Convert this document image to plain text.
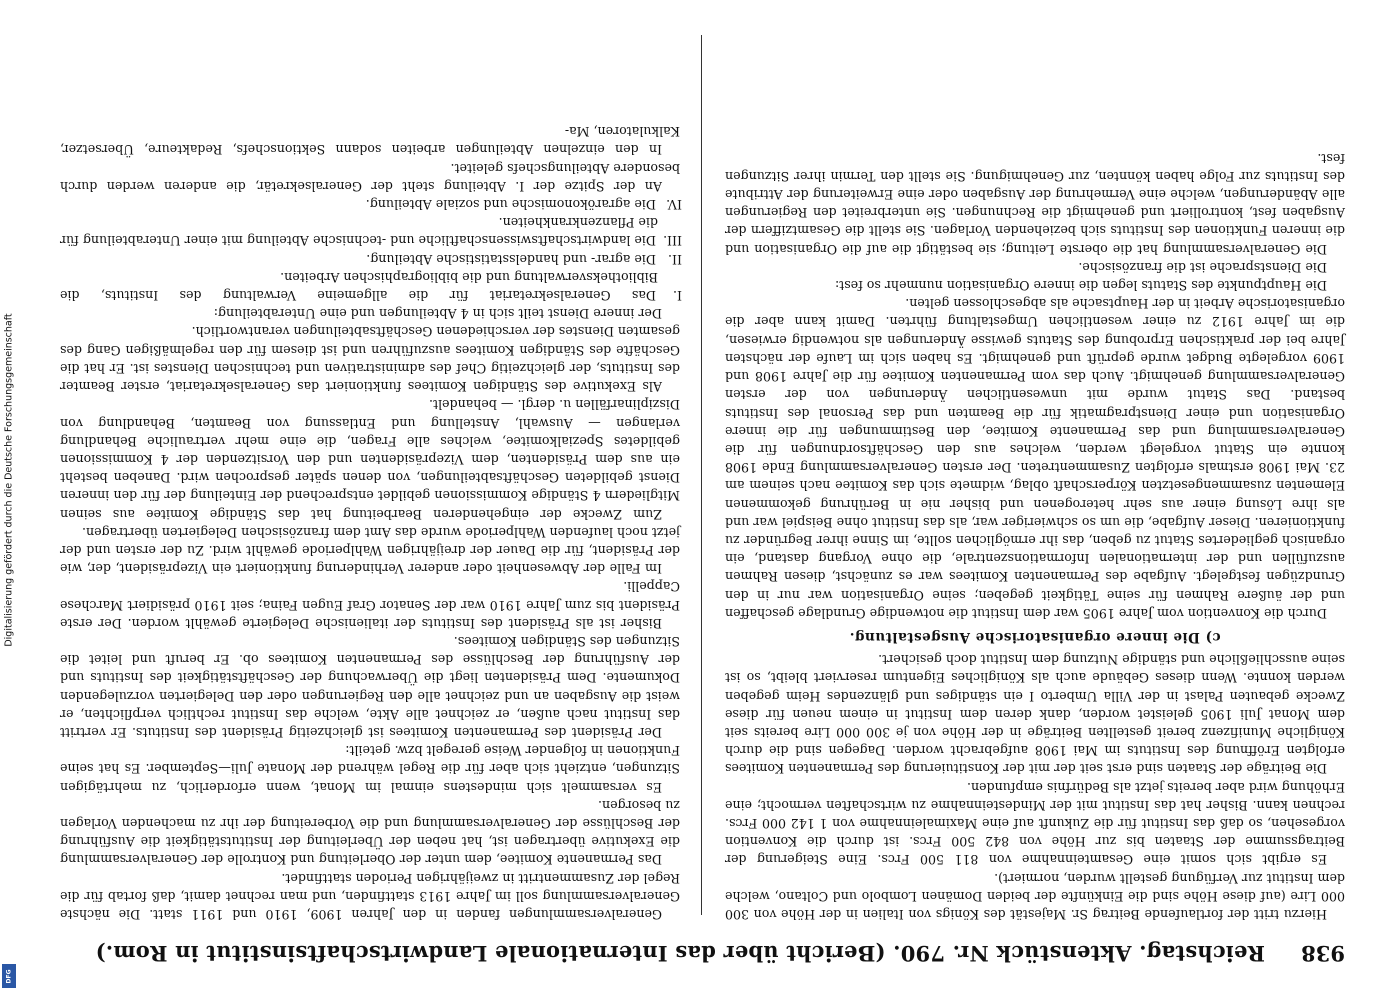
Digitalisierung gefördert durch die Deutsche Forschungsgemeinschaft
DFG
938
Reichstag. Aktenstück Nr. 790. (Bericht über das Internationale Landwirtschaftsinstitut in Rom.)

Hierzu tritt der fortlaufende Beitrag Sr. Majestät des Königs von Italien in der Höhe von 300 000 Lire (auf diese Höhe sind die Einkünfte der beiden Domänen Lombolo und Coltano, welche dem Institut zur Verfügung gestellt wurden, normiert).

Es ergibt sich somit eine Gesamteinnahme von 811 500 Frcs. Eine Steigerung der Beitragssumme der Staaten bis zur Höhe von 842 500 Frcs. ist durch die Konvention vorgesehen, so daß das Institut für die Zukunft auf eine Maximaleinnahme von 1 142 000 Frcs. rechnen kann. Bisher hat das Institut mit der Mindesteinnahme zu wirtschaften vermocht; eine Erhöhung wird aber bereits jetzt als Bedürfnis empfunden.

Die Beiträge der Staaten sind erst seit der mit der Konstituierung des Permanenten Komitees erfolgten Eröffnung des Instituts im Mai 1908 aufgebracht worden. Dagegen sind die durch Königliche Munifizenz bereit gestellten Beiträge in der Höhe von je 300 000 Lire bereits seit dem Monat Juli 1905 geleistet worden, dank deren dem Institut in einem neuen für diese Zwecke gebauten Palast in der Villa Umberto I ein ständiges und glänzendes Heim gegeben werden konnte. Wenn dieses Gebäude auch als Königliches Eigentum reserviert bleibt, so ist seine ausschließliche und ständige Nutzung dem Institut doch gesichert.

c) Die innere organisatorische Ausgestaltung.

Durch die Konvention vom Jahre 1905 war dem Institut die notwendige Grundlage geschaffen und der äußere Rahmen für seine Tätigkeit gegeben; seine Organisation war nur in den Grundzügen festgelegt. Aufgabe des Permanenten Komitees war es zunächst, diesen Rahmen auszufüllen und der internationalen Informationszentrale, die ohne Vorgang dastand, ein organisch gegliedertes Statut zu geben, das ihr ermöglichen sollte, im Sinne ihrer Begründer zu funktionieren. Dieser Aufgabe, die um so schwieriger war, als das Institut ohne Beispiel war und als ihre Lösung einer aus sehr heterogenen und bisher nie in Berührung gekommenen Elementen zusammengesetzten Körperschaft oblag, widmete sich das Komitee nach seinem am 23. Mai 1908 erstmals erfolgten Zusammentreten. Der ersten Generalversammlung Ende 1908 konnte ein Statut vorgelegt werden, welches aus den Geschäftsordnungen für die Generalversammlung und das Permanente Komitee, den Bestimmungen für die innere Organisation und einer Dienstpragmatik für die Beamten und das Personal des Instituts bestand. Das Statut wurde mit unwesentlichen Änderungen von der ersten Generalversammlung genehmigt. Auch das vom Permanenten Komitee für die Jahre 1908 und 1909 vorgelegte Budget wurde geprüft und genehmigt. Es haben sich im Laufe der nächsten Jahre bei der praktischen Erprobung des Statuts gewisse Änderungen als notwendig erwiesen, die im Jahre 1912 zu einer wesentlichen Umgestaltung führten. Damit kann aber die organisatorische Arbeit in der Hauptsache als abgeschlossen gelten.

Die Hauptpunkte des Statuts legen die innere Organisation nunmehr so fest:

Die Dienstsprache ist die französische.

Die Generalversammlung hat die oberste Leitung; sie bestätigt die auf die Organisation und die inneren Funktionen des Instituts sich beziehenden Vorlagen. Sie stellt die Gesamtziffern der Ausgaben fest, kontrolliert und genehmigt die Rechnungen. Sie unterbreitet den Regierungen alle Abänderungen, welche eine Vermehrung der Ausgaben oder eine Erweiterung der Attribute des Instituts zur Folge haben könnten, zur Genehmigung. Sie stellt den Termin ihrer Sitzungen fest.

Generalversammlungen fanden in den Jahren 1909, 1910 und 1911 statt. Die nächste Generalversammlung soll im Jahre 1913 stattfinden, und man rechnet damit, daß fortab für die Regel der Zusammentritt in zweijährigen Perioden stattfindet.

Das Permanente Komitee, dem unter der Oberleitung und Kontrolle der Generalversammlung die Exekutive übertragen ist, hat neben der Überleitung der Institutstätigkeit die Ausführung der Beschlüsse der Generalversammlung und die Vorbereitung der ihr zu machenden Vorlagen zu besorgen.

Es versammelt sich mindestens einmal im Monat, wenn erforderlich, zu mehrtägigen Sitzungen, entzieht sich aber für die Regel während der Monate Juli—September. Es hat seine Funktionen in folgender Weise geregelt bzw. geteilt:

Der Präsident des Permanenten Komitees ist gleichzeitig Präsident des Instituts. Er vertritt das Institut nach außen, er zeichnet alle Akte, welche das Institut rechtlich verpflichten, er weist die Ausgaben an und zeichnet alle den Regierungen oder den Delegierten vorzulegenden Dokumente. Dem Präsidenten liegt die Überwachung der Geschäftstätigkeit des Instituts und der Ausführung der Beschlüsse des Permanenten Komitees ob. Er beruft und leitet die Sitzungen des Ständigen Komitees.

Bisher ist als Präsident des Instituts der italienische Delegierte gewählt worden. Der erste Präsident bis zum Jahre 1910 war der Senator Graf Eugen Faina; seit 1910 präsidiert Marchese Cappelli.

Im Falle der Abwesenheit oder anderer Verhinderung funktioniert ein Vizepräsident, der, wie der Präsident, für die Dauer der dreijährigen Wahlperiode gewählt wird. Zu der ersten und der jetzt noch laufenden Wahlperiode wurde das Amt dem französischen Delegierten übertragen.

Zum Zwecke der eingehenderen Bearbeitung hat das Ständige Komitee aus seinen Mitgliedern 4 Ständige Kommissionen gebildet entsprechend der Einteilung der für den inneren Dienst gebildeten Geschäftsabteilungen, von denen später gesprochen wird. Daneben besteht ein aus dem Präsidenten, dem Vizepräsidenten und den Vorsitzenden der 4 Kommissionen gebildetes Spezialkomitee, welches alle Fragen, die eine mehr vertrauliche Behandlung verlangen — Auswahl, Anstellung und Entlassung von Beamten, Behandlung von Disziplinarfällen u. dergl. — behandelt.

Als Exekutive des Ständigen Komitees funktioniert das Generalsekretariat, erster Beamter des Instituts, der gleichzeitig Chef des administrativen und technischen Dienstes ist. Er hat die Geschäfte des Ständigen Komitees auszuführen und ist diesem für den regelmäßigen Gang des gesamten Dienstes der verschiedenen Geschäftsabteilungen verantwortlich.

Der innere Dienst teilt sich in 4 Abteilungen und eine Unterabteilung:

I.Das Generalsekretariat für die allgemeine Verwaltung des Instituts, die Bibliotheksverwaltung und die bibliographischen Arbeiten.

II.Die agrar- und handelsstatistische Abteilung.

III.Die landwirtschaftswissenschaftliche und -technische Abteilung mit einer Unterabteilung für die Pflanzenkrankheiten.

IV.Die agrarökonomische und soziale Abteilung.

An der Spitze der I. Abteilung steht der Generalsekretär, die anderen werden durch besondere Abteilungschefs geleitet.

In den einzelnen Abteilungen arbeiten sodann Sektionschefs, Redakteure, Übersetzer, Kalkulatoren, Ma-
